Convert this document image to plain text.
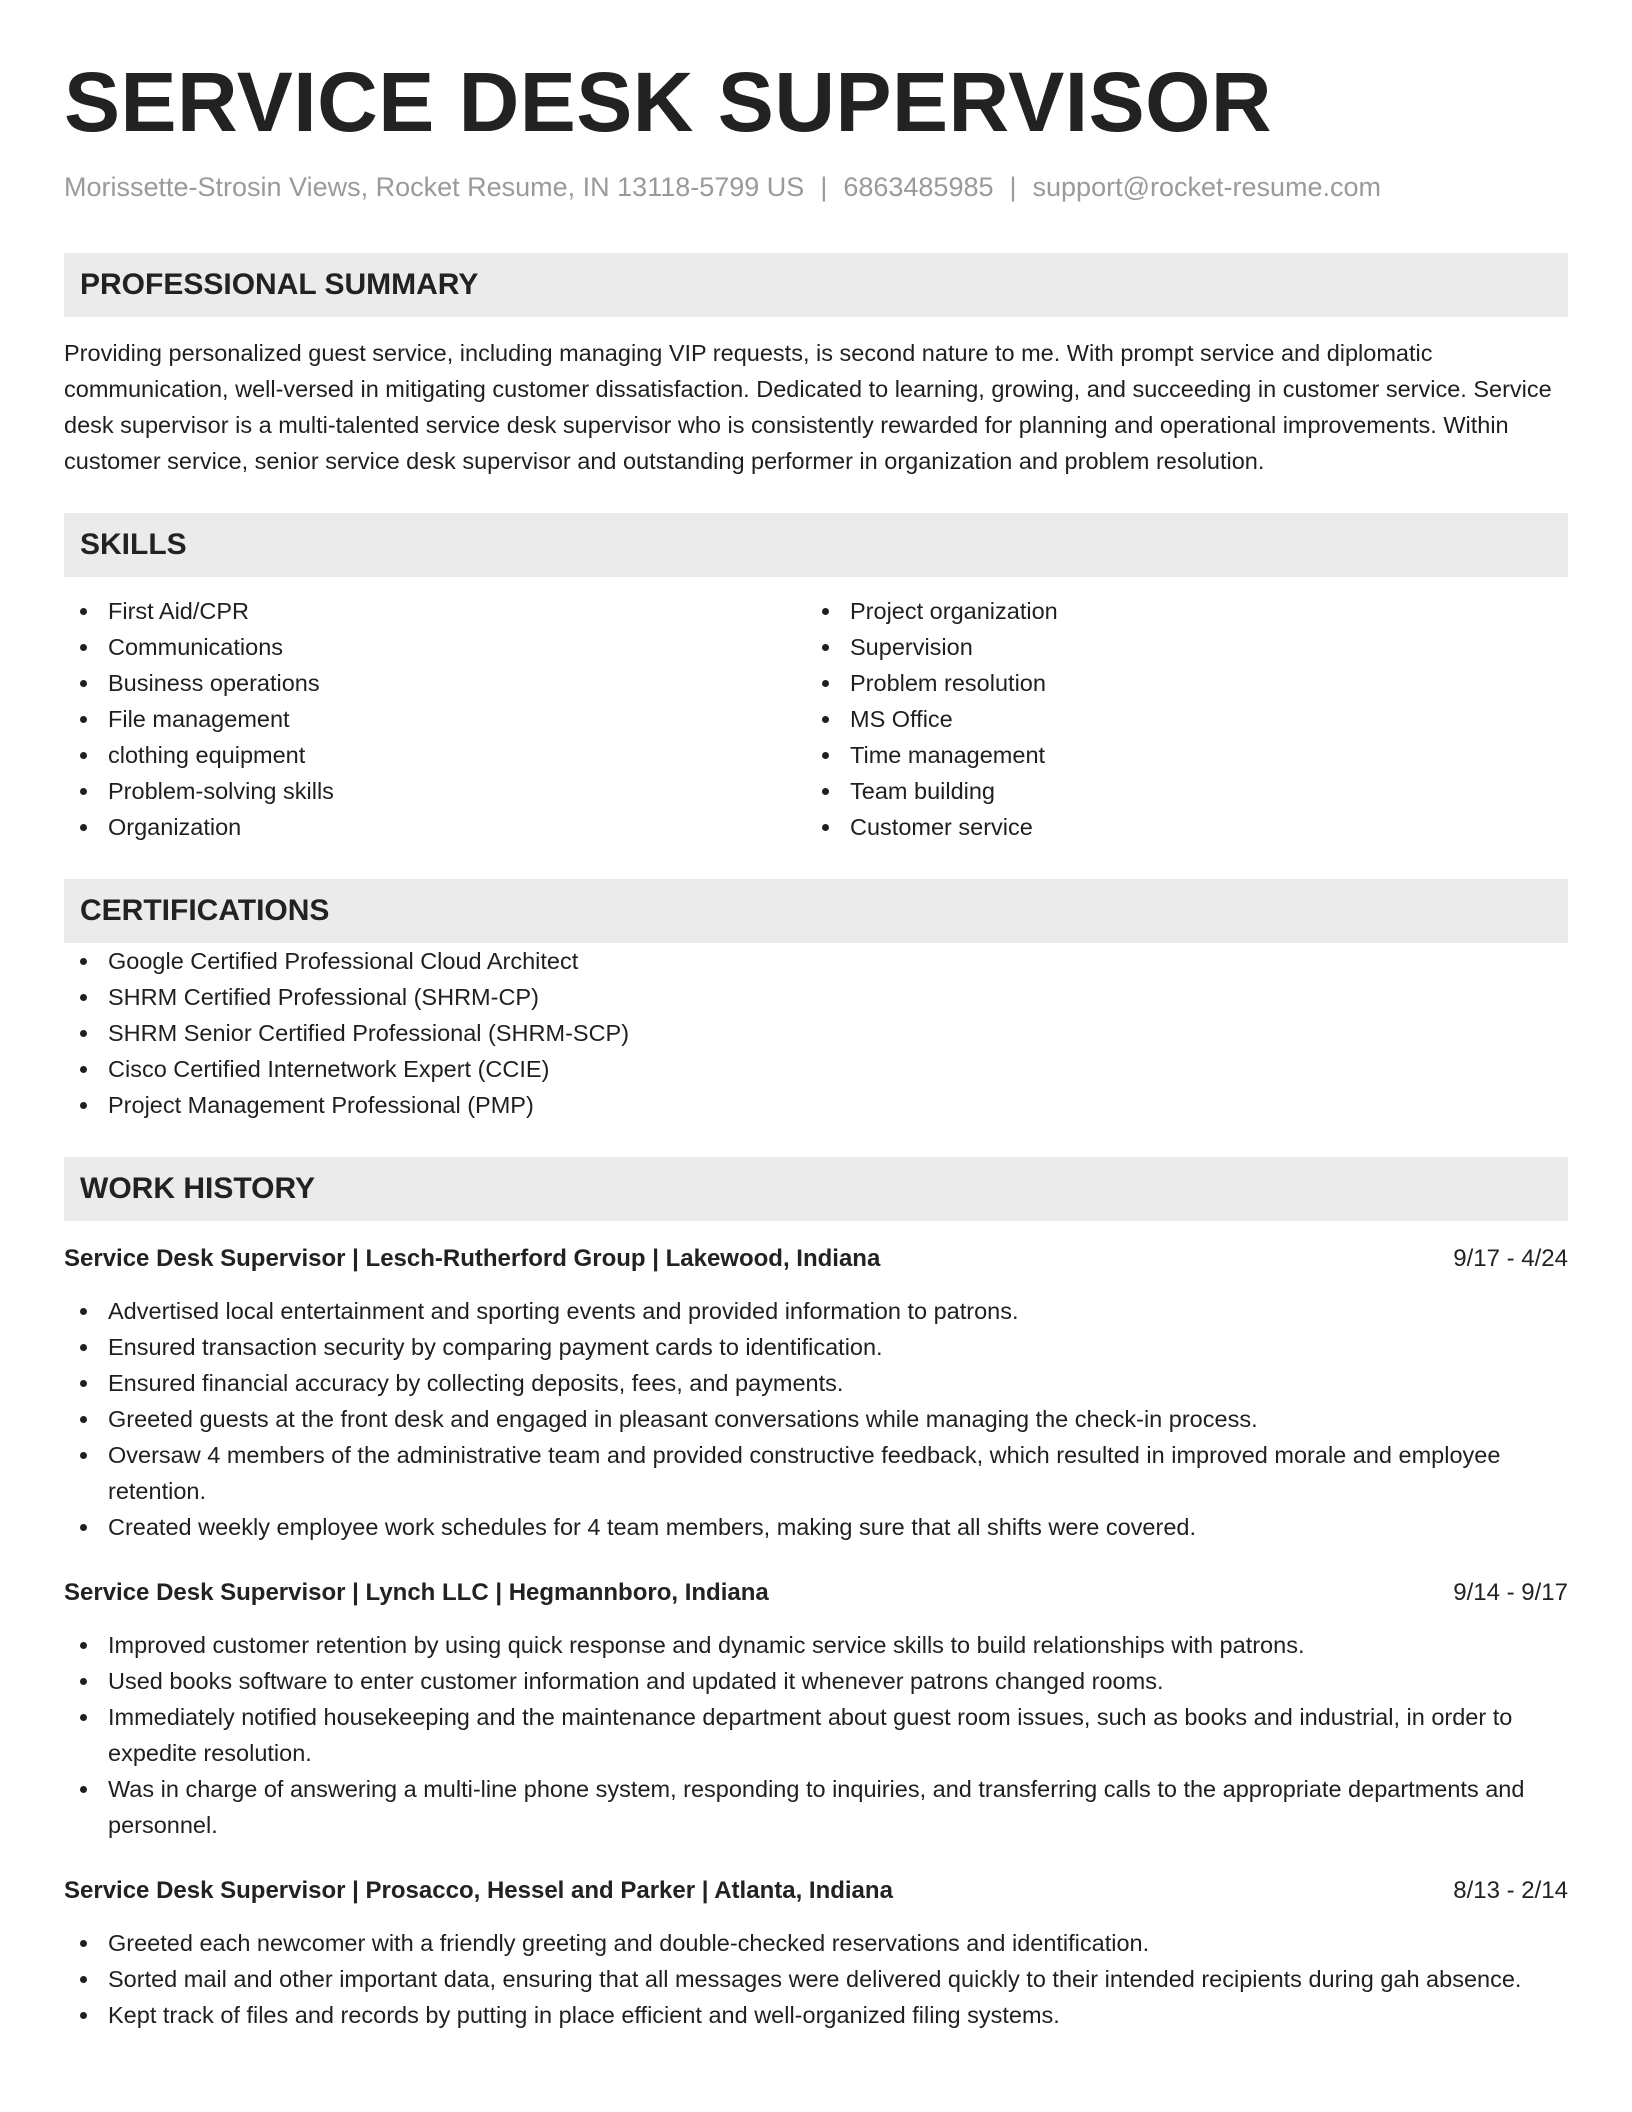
SERVICE DESK SUPERVISOR
Morissette-Strosin Views, Rocket Resume, IN 13118-5799 US | 6863485985 | support@rocket-resume.com
PROFESSIONAL SUMMARY

Providing personalized guest service, including managing VIP requests, is second nature to me. With prompt service and diplomatic communication, well-versed in mitigating customer dissatisfaction. Dedicated to learning, growing, and succeeding in customer service. Service desk supervisor is a multi-talented service desk supervisor who is consistently rewarded for planning and operational improvements. Within customer service, senior service desk supervisor and outstanding performer in organization and problem resolution.

SKILLS
First Aid/CPR
Communications
Business operations
File management
clothing equipment
Problem-solving skills
Organization
Project organization
Supervision
Problem resolution
MS Office
Time management
Team building
Customer service
CERTIFICATIONS
Google Certified Professional Cloud Architect
SHRM Certified Professional (SHRM-CP)
SHRM Senior Certified Professional (SHRM-SCP)
Cisco Certified Internetwork Expert (CCIE)
Project Management Professional (PMP)
WORK HISTORY
Service Desk Supervisor | Lesch-Rutherford Group | Lakewood, Indiana	9/17 - 4/24
Advertised local entertainment and sporting events and provided information to patrons.
Ensured transaction security by comparing payment cards to identification.
Ensured financial accuracy by collecting deposits, fees, and payments.
Greeted guests at the front desk and engaged in pleasant conversations while managing the check-in process.
Oversaw 4 members of the administrative team and provided constructive feedback, which resulted in improved morale and employee retention.
Created weekly employee work schedules for 4 team members, making sure that all shifts were covered.
Service Desk Supervisor | Lynch LLC | Hegmannboro, Indiana	9/14 - 9/17
Improved customer retention by using quick response and dynamic service skills to build relationships with patrons.
Used books software to enter customer information and updated it whenever patrons changed rooms.
Immediately notified housekeeping and the maintenance department about guest room issues, such as books and industrial, in order to expedite resolution.
Was in charge of answering a multi-line phone system, responding to inquiries, and transferring calls to the appropriate departments and personnel.
Service Desk Supervisor | Prosacco, Hessel and Parker | Atlanta, Indiana	8/13 - 2/14
Greeted each newcomer with a friendly greeting and double-checked reservations and identification.
Sorted mail and other important data, ensuring that all messages were delivered quickly to their intended recipients during gah absence.
Kept track of files and records by putting in place efficient and well-organized filing systems.
